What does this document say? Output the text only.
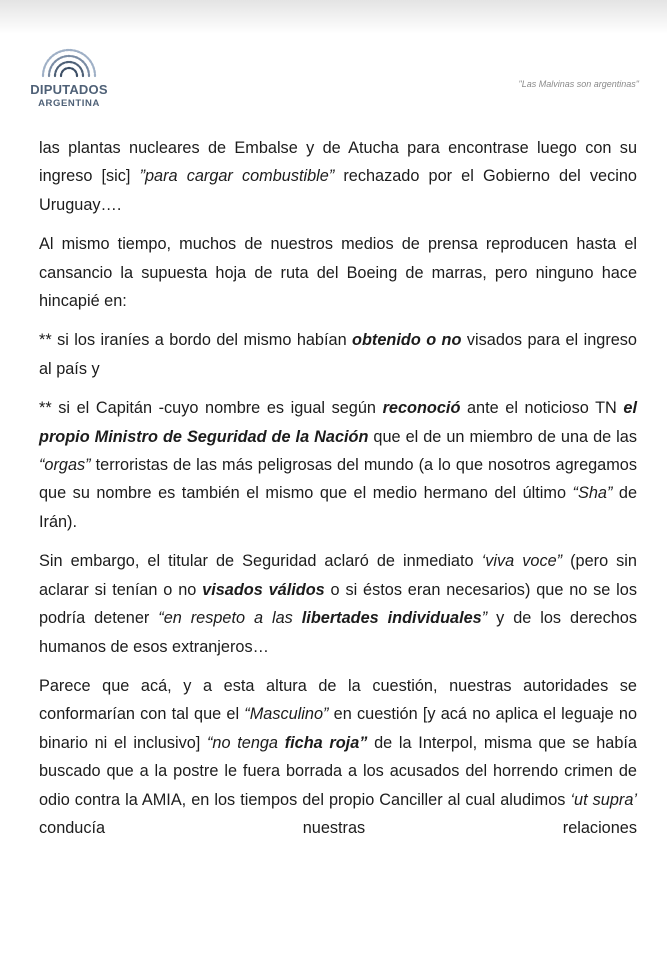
DIPUTADOS
ARGENTINA
"Las Malvinas son argentinas"

las plantas nucleares de Embalse y de Atucha para encontrase luego con su ingreso [sic] ”para cargar combustible” rechazado por el Gobierno del vecino Uruguay….

Al mismo tiempo, muchos de nuestros medios de prensa reproducen hasta el cansancio la supuesta hoja de ruta del Boeing de marras, pero ninguno hace hincapié en:

** si los iraníes a bordo del mismo habían obtenido o no visados para el ingreso al país y

** si el Capitán -cuyo nombre es igual según reconoció ante el noticioso TN el propio Ministro de Seguridad de la Nación que el de un miembro de una de las “orgas” terroristas de las más peligrosas del mundo (a lo que nosotros agregamos que su nombre es también el mismo que el medio hermano del último “Sha” de Irán).

Sin embargo, el titular de Seguridad aclaró de inmediato ‘viva voce” (pero sin aclarar si tenían o no visados válidos o si éstos eran necesarios) que no se los podría detener “en respeto a las libertades individuales” y de los derechos humanos de esos extranjeros…

Parece que acá, y a esta altura de la cuestión, nuestras autoridades se conformarían con tal que el “Masculino” en cuestión [y acá no aplica el leguaje no binario ni el inclusivo] “no tenga ficha roja” de la Interpol, misma que se había buscado que a la postre le fuera borrada a los acusados del horrendo crimen de odio contra la AMIA, en los tiempos del propio Canciller al cual aludimos ‘ut supra’ conducía nuestras relaciones
